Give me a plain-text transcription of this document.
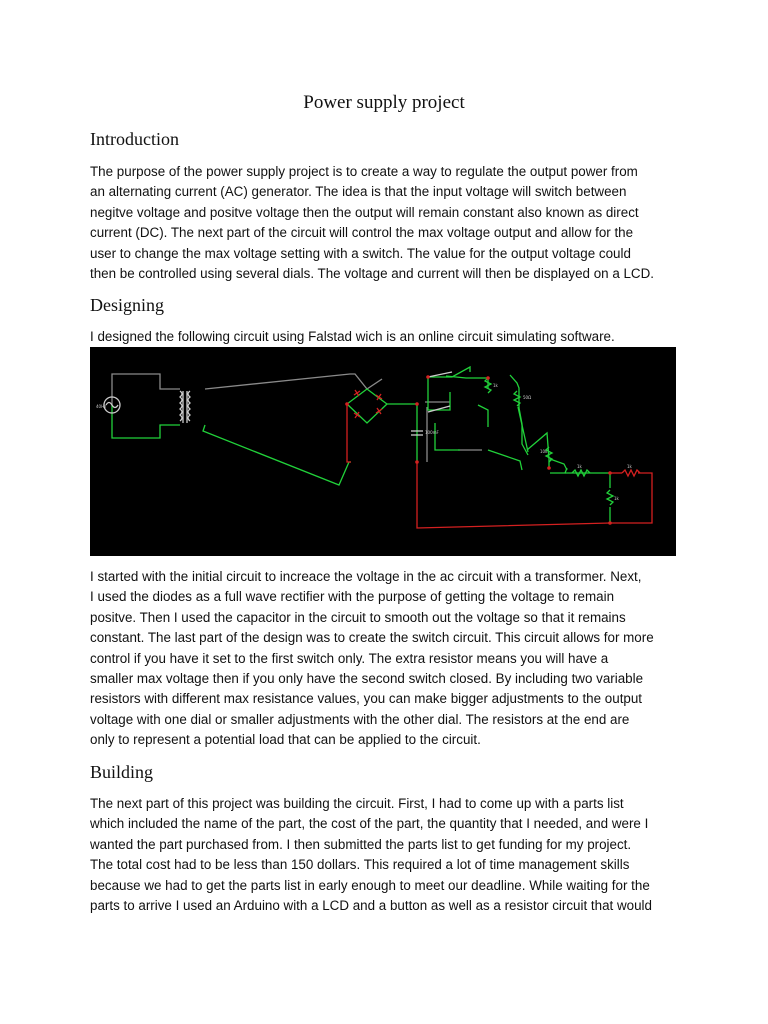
Power supply project
Introduction

The purpose of the power supply project is to create a way to regulate the output power from
an alternating current (AC) generator. The idea is that the input voltage will switch between
negitve voltage and positve voltage then the output will remain constant also known as direct
current (DC). The next part of the circuit will control the max voltage output and allow for the
user to change the max voltage setting with a switch. The value for the output voltage could
then be controlled using several dials. The voltage and current will then be displayed on a LCD.

Designing

I designed the following circuit using Falstad wich is an online circuit simulating software.

40Hz
100mF
1k
50Ω
10k
1k	1k
1k

I started with the initial circuit to increace the voltage in the ac circuit with a transformer. Next,
I used the diodes as a full wave rectifier with the purpose of getting the voltage to remain
positve. Then I used the capacitor in the circuit to smooth out the voltage so that it remains
constant. The last part of the design was to create the switch circuit. This circuit allows for more
control if you have it set to the first switch only. The extra resistor means you will have a
smaller max voltage then if you only have the second switch closed. By including two variable
resistors with different max resistance values, you can make bigger adjustments to the output
voltage with one dial or smaller adjustments with the other dial. The resistors at the end are
only to represent a potential load that can be applied to the circuit.

Building

The next part of this project was building the circuit. First, I had to come up with a parts list
which included the name of the part, the cost of the part, the quantity that I needed, and were I
wanted the part purchased from. I then submitted the parts list to get funding for my project.
The total cost had to be less than 150 dollars. This required a lot of time management skills
because we had to get the parts list in early enough to meet our deadline. While waiting for the
parts to arrive I used an Arduino with a LCD and a button as well as a resistor circuit that would
